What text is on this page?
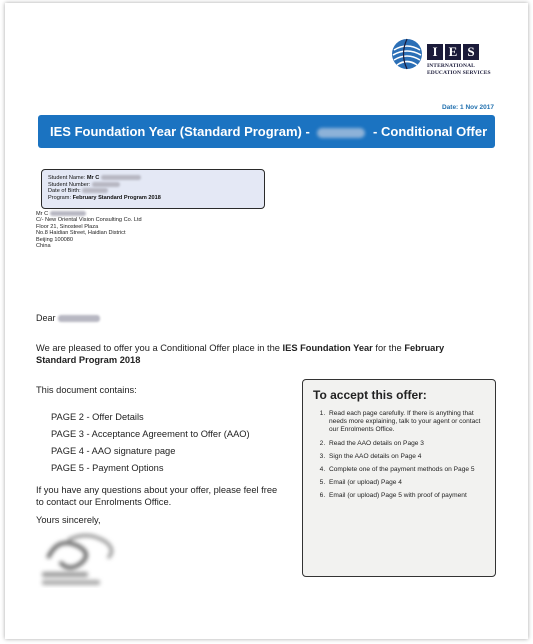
I E S
INTERNATIONAL
EDUCATION SERVICES
Date: 1 Nov 2017
IES Foundation Year (Standard Program) -	- Conditional Offer
Student Name: Mr C
Student Number:
Date of Birth:
Program: February Standard Program 2018
Mr C
C/- New Oriental Vision Consulting Co. Ltd
Floor 21, Sinosteel Plaza
No.8 Haidian Street, Haidian District
Beijing 100080
China
Dear
We are pleased to offer you a Conditional Offer place in the IES Foundation Year for the February Standard Program 2018
This document contains:
PAGE 2 - Offer Details
PAGE 3 - Acceptance Agreement to Offer (AAO)
PAGE 4 - AAO signature page
PAGE 5 - Payment Options
If you have any questions about your offer, please feel free to contact our Enrolments Office.
Yours sincerely,
To accept this offer:
1. Read each page carefully. If there is anything that needs more explaining, talk to your agent or contact our Enrolments Office.
2. Read the AAO details on Page 3
3. Sign the AAO details on Page 4
4. Complete one of the payment methods on Page 5
5. Email (or upload) Page 4
6. Email (or upload) Page 5 with proof of payment
